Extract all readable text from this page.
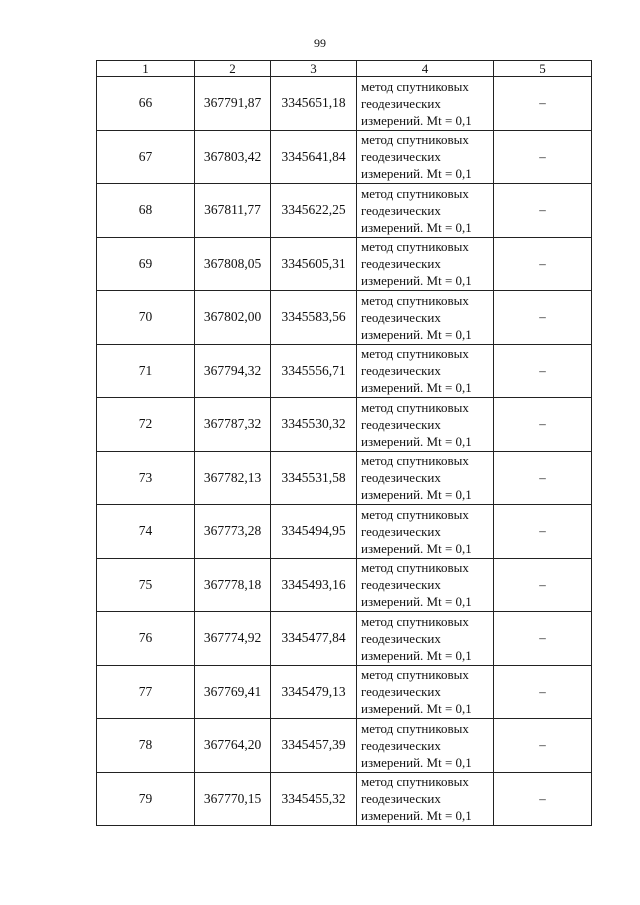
99
1	2	3	4	5
66	367791,87	3345651,18	метод спутниковых
геодезических
измерений. Mt = 0,1	–
67	367803,42	3345641,84	метод спутниковых
геодезических
измерений. Mt = 0,1	–
68	367811,77	3345622,25	метод спутниковых
геодезических
измерений. Mt = 0,1	–
69	367808,05	3345605,31	метод спутниковых
геодезических
измерений. Mt = 0,1	–
70	367802,00	3345583,56	метод спутниковых
геодезических
измерений. Mt = 0,1	–
71	367794,32	3345556,71	метод спутниковых
геодезических
измерений. Mt = 0,1	–
72	367787,32	3345530,32	метод спутниковых
геодезических
измерений. Mt = 0,1	–
73	367782,13	3345531,58	метод спутниковых
геодезических
измерений. Mt = 0,1	–
74	367773,28	3345494,95	метод спутниковых
геодезических
измерений. Mt = 0,1	–
75	367778,18	3345493,16	метод спутниковых
геодезических
измерений. Mt = 0,1	–
76	367774,92	3345477,84	метод спутниковых
геодезических
измерений. Mt = 0,1	–
77	367769,41	3345479,13	метод спутниковых
геодезических
измерений. Mt = 0,1	–
78	367764,20	3345457,39	метод спутниковых
геодезических
измерений. Mt = 0,1	–
79	367770,15	3345455,32	метод спутниковых
геодезических
измерений. Mt = 0,1	–
